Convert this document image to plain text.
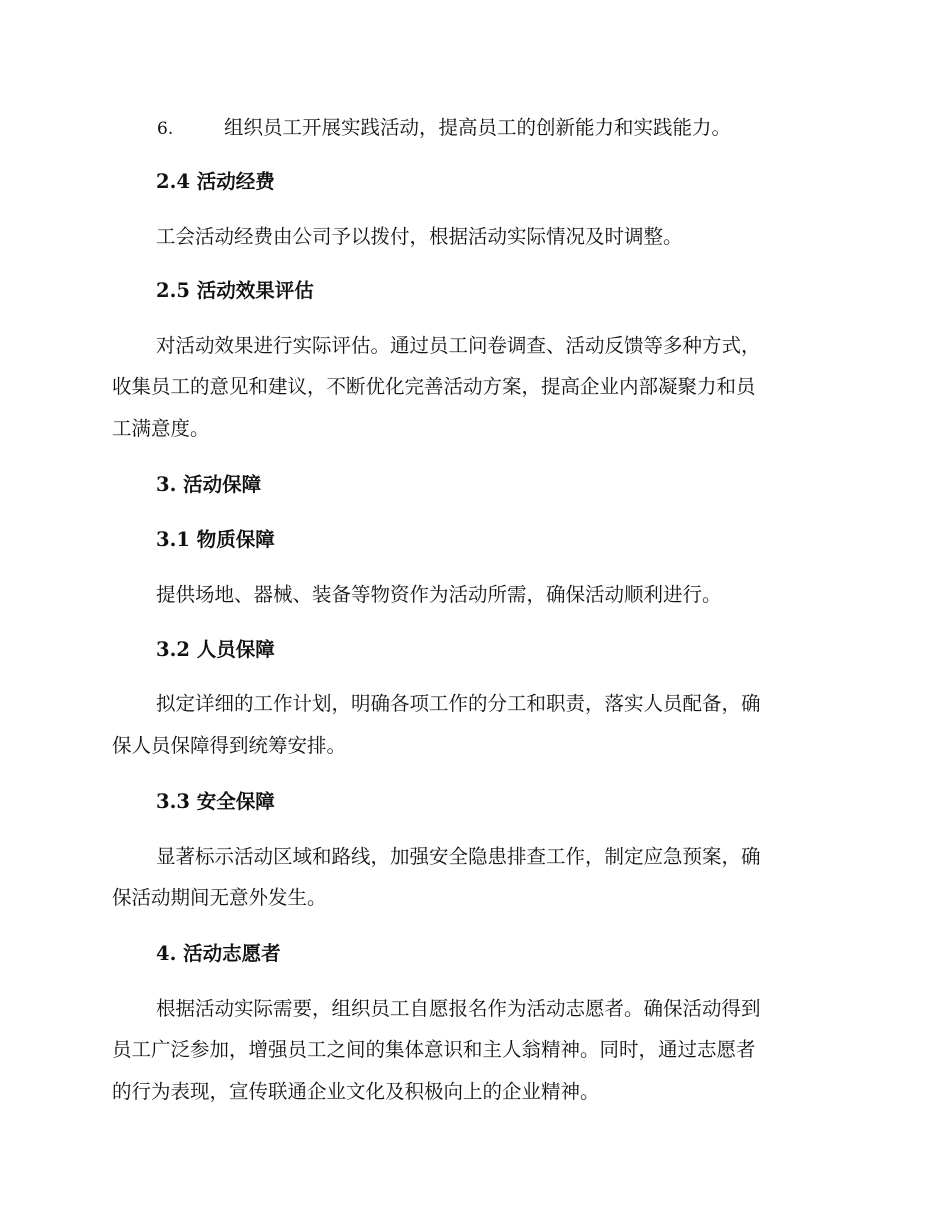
6.	组织员工开展实践活动，提高员工的创新能力和实践能力。
2.4 活动经费
工会活动经费由公司予以拨付，根据活动实际情况及时调整。
2.5 活动效果评估
对活动效果进行实际评估。通过员工问卷调查、活动反馈等多种方式，
收集员工的意见和建议，不断优化完善活动方案，提高企业内部凝聚力和员
工满意度。
3. 活动保障
3.1 物质保障
提供场地、器械、装备等物资作为活动所需，确保活动顺利进行。
3.2 人员保障
拟定详细的工作计划，明确各项工作的分工和职责，落实人员配备，确
保人员保障得到统筹安排。
3.3 安全保障
显著标示活动区域和路线，加强安全隐患排查工作，制定应急预案，确
保活动期间无意外发生。
4. 活动志愿者
根据活动实际需要，组织员工自愿报名作为活动志愿者。确保活动得到
员工广泛参加，增强员工之间的集体意识和主人翁精神。同时，通过志愿者
的行为表现，宣传联通企业文化及积极向上的企业精神。
